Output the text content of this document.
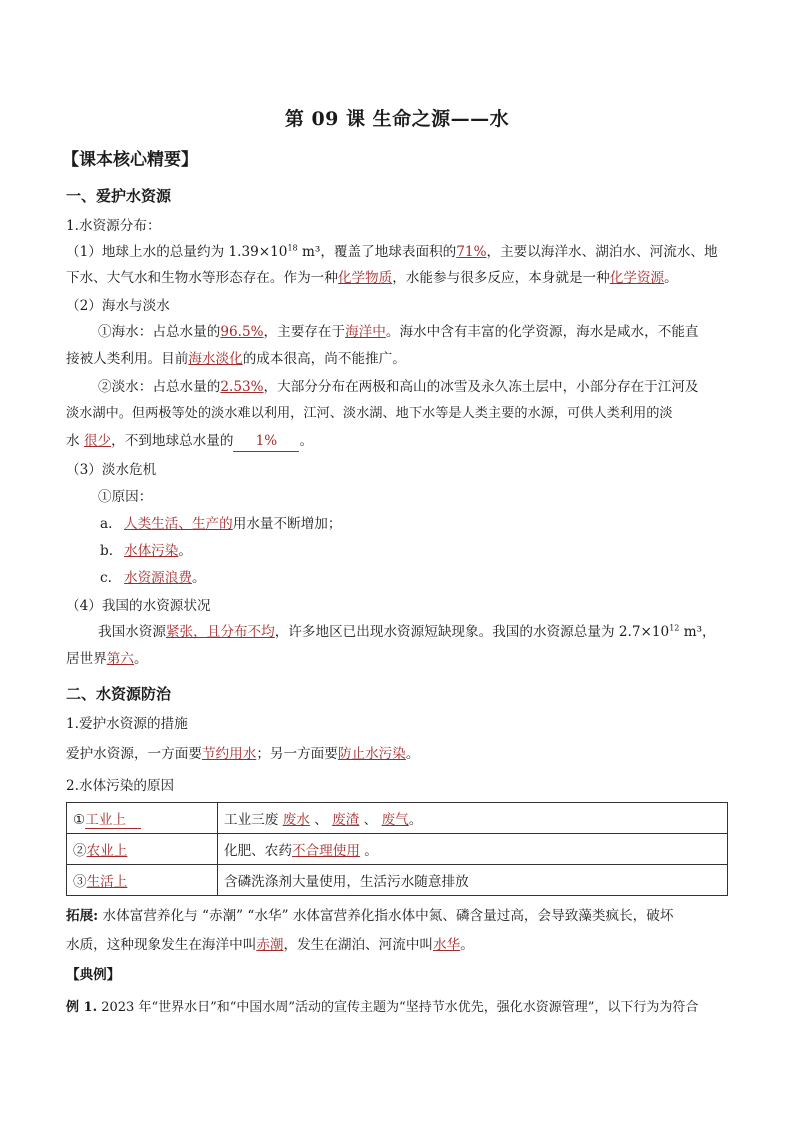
第 09 课 生命之源——水
【课本核心精要】
一、爱护水资源
1.水资源分布：
（1）地球上水的总量约为 $1.39\times 10^{18}$ m³，覆盖了地球表面积的71%，主要以海洋水、湖泊水、河流水、地
下水、大气水和生物水等形态存在。作为一种化学物质，水能参与很多反应，本身就是一种化学资源。
（2）海水与淡水
①海水：占总水量的96.5%，主要存在于海洋中。海水中含有丰富的化学资源，海水是咸水，不能直
接被人类利用。目前海水淡化的成本很高，尚不能推广。
②淡水：占总水量的2.53%，大部分分布在两极和高山的冰雪及永久冻土层中，小部分存在于江河及
淡水湖中。但两极等处的淡水难以利用，江河、淡水湖、地下水等是人类主要的水源，可供人类利用的淡
水 很少，不到地球总水量的 1% 。
（3）淡水危机
①原因：
a. 人类生活、生产的用水量不断增加；
b. 水体污染。
c. 水资源浪费。
（4）我国的水资源状况
我国水资源紧张，且分布不均，许多地区已出现水资源短缺现象。我国的水资源总量为 $2.7\times 10^{12}$ m³，
居世界第六。
二、水资源防治
1.爱护水资源的措施
爱护水资源，一方面要节约用水；另一方面要防止水污染。
2.水体污染的原因
①工业上	工业三废 废水 、 废渣 、 废气。
②农业上	化肥、农药不合理使用 。
③生活上	含磷洗涤剂大量使用，生活污水随意排放
拓展: 水体富营养化与 “赤潮” “水华” 水体富营养化指水体中氮、磷含量过高，会导致藻类疯长，破坏
水质，这种现象发生在海洋中叫赤潮，发生在湖泊、河流中叫水华。
【典例】
例 1. 2023 年“世界水日”和“中国水周”活动的宣传主题为“坚持节水优先，强化水资源管理”，以下行为为符合
